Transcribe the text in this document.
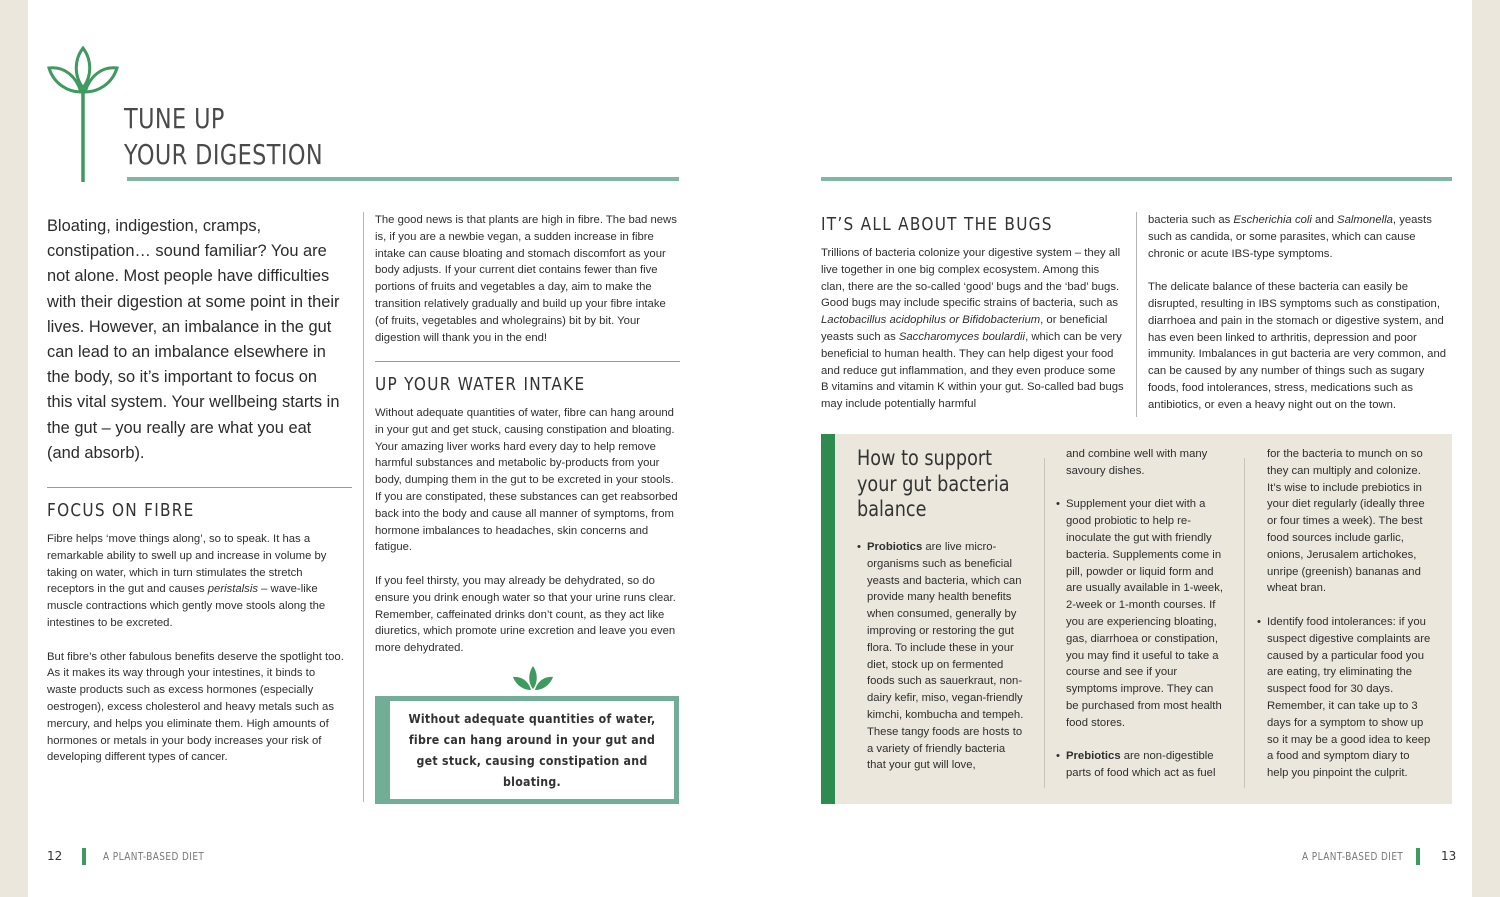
TUNE UP
YOUR DIGESTION

Bloating, indigestion, cramps, constipation… sound familiar? You are not alone. Most people have difficulties with their digestion at some point in their lives. However, an imbalance in the gut can lead to an imbalance elsewhere in the body, so it’s important to focus on this vital system. Your wellbeing starts in the gut – you really are what you eat (and absorb).

FOCUS ON FIBRE

Fibre helps ‘move things along’, so to speak. It has a remarkable ability to swell up and increase in volume by taking on water, which in turn stimulates the stretch receptors in the gut and causes peristalsis – wave-like muscle contractions which gently move stools along the intestines to be excreted.

But fibre’s other fabulous benefits deserve the spotlight too. As it makes its way through your intestines, it binds to waste products such as excess hormones (especially oestrogen), excess cholesterol and heavy metals such as mercury, and helps you eliminate them. High amounts of hormones or metals in your body increases your risk of developing different types of cancer.

The good news is that plants are high in fibre. The bad news is, if you are a newbie vegan, a sudden increase in fibre intake can cause bloating and stomach discomfort as your body adjusts. If your current diet contains fewer than five portions of fruits and vegetables a day, aim to make the transition relatively gradually and build up your fibre intake (of fruits, vegetables and wholegrains) bit by bit. Your digestion will thank you in the end!

UP YOUR WATER INTAKE

Without adequate quantities of water, fibre can hang around in your gut and get stuck, causing constipation and bloating. Your amazing liver works hard every day to help remove harmful substances and metabolic by-products from your body, dumping them in the gut to be excreted in your stools. If you are constipated, these substances can get reabsorbed back into the body and cause all manner of symptoms, from hormone imbalances to headaches, skin concerns and fatigue.

If you feel thirsty, you may already be dehydrated, so do ensure you drink enough water so that your urine runs clear. Remember, caffeinated drinks don’t count, as they act like diuretics, which promote urine excretion and leave you even more dehydrated.

Without adequate quantities of water, fibre can hang around in your gut and get stuck, causing constipation and bloating.
12	A PLANT-BASED DIET
IT’S ALL ABOUT THE BUGS

Trillions of bacteria colonize your digestive system – they all live together in one big complex ecosystem. Among this clan, there are the so-called ‘good’ bugs and the ‘bad’ bugs. Good bugs may include specific strains of bacteria, such as Lactobacillus acidophilus or Bifidobacterium, or beneficial yeasts such as Saccharomyces boulardii, which can be very beneficial to human health. They can help digest your food and reduce gut inflammation, and they even produce some B vitamins and vitamin K within your gut. So-called bad bugs may include potentially harmful

bacteria such as Escherichia coli and Salmonella, yeasts such as candida, or some parasites, which can cause chronic or acute IBS-type symptoms.

The delicate balance of these bacteria can easily be disrupted, resulting in IBS symptoms such as constipation, diarrhoea and pain in the stomach or digestive system, and has even been linked to arthritis, depression and poor immunity. Imbalances in gut bacteria are very common, and can be caused by any number of things such as sugary foods, food intolerances, stress, medications such as antibiotics, or even a heavy night out on the town.

How to support
your gut bacteria
balance

• Probiotics are live micro-organisms such as beneficial yeasts and bacteria, which can provide many health benefits when consumed, generally by improving or restoring the gut flora. To include these in your diet, stock up on fermented foods such as sauerkraut, non-dairy kefir, miso, vegan-friendly kimchi, kombucha and tempeh. These tangy foods are hosts to a variety of friendly bacteria that your gut will love,

and combine well with many savoury dishes.

• Supplement your diet with a good probiotic to help re-inoculate the gut with friendly bacteria. Supplements come in pill, powder or liquid form and are usually available in 1-week, 2-week or 1-month courses. If you are experiencing bloating, gas, diarrhoea or constipation, you may find it useful to take a course and see if your symptoms improve. They can be purchased from most health food stores.

• Prebiotics are non-digestible parts of food which act as fuel

for the bacteria to munch on so they can multiply and colonize. It’s wise to include prebiotics in your diet regularly (ideally three or four times a week). The best food sources include garlic, onions, Jerusalem artichokes, unripe (greenish) bananas and wheat bran.

• Identify food intolerances: if you suspect digestive complaints are caused by a particular food you are eating, try eliminating the suspect food for 30 days. Remember, it can take up to 3 days for a symptom to show up so it may be a good idea to keep a food and symptom diary to help you pinpoint the culprit.

A PLANT-BASED DIET	13
